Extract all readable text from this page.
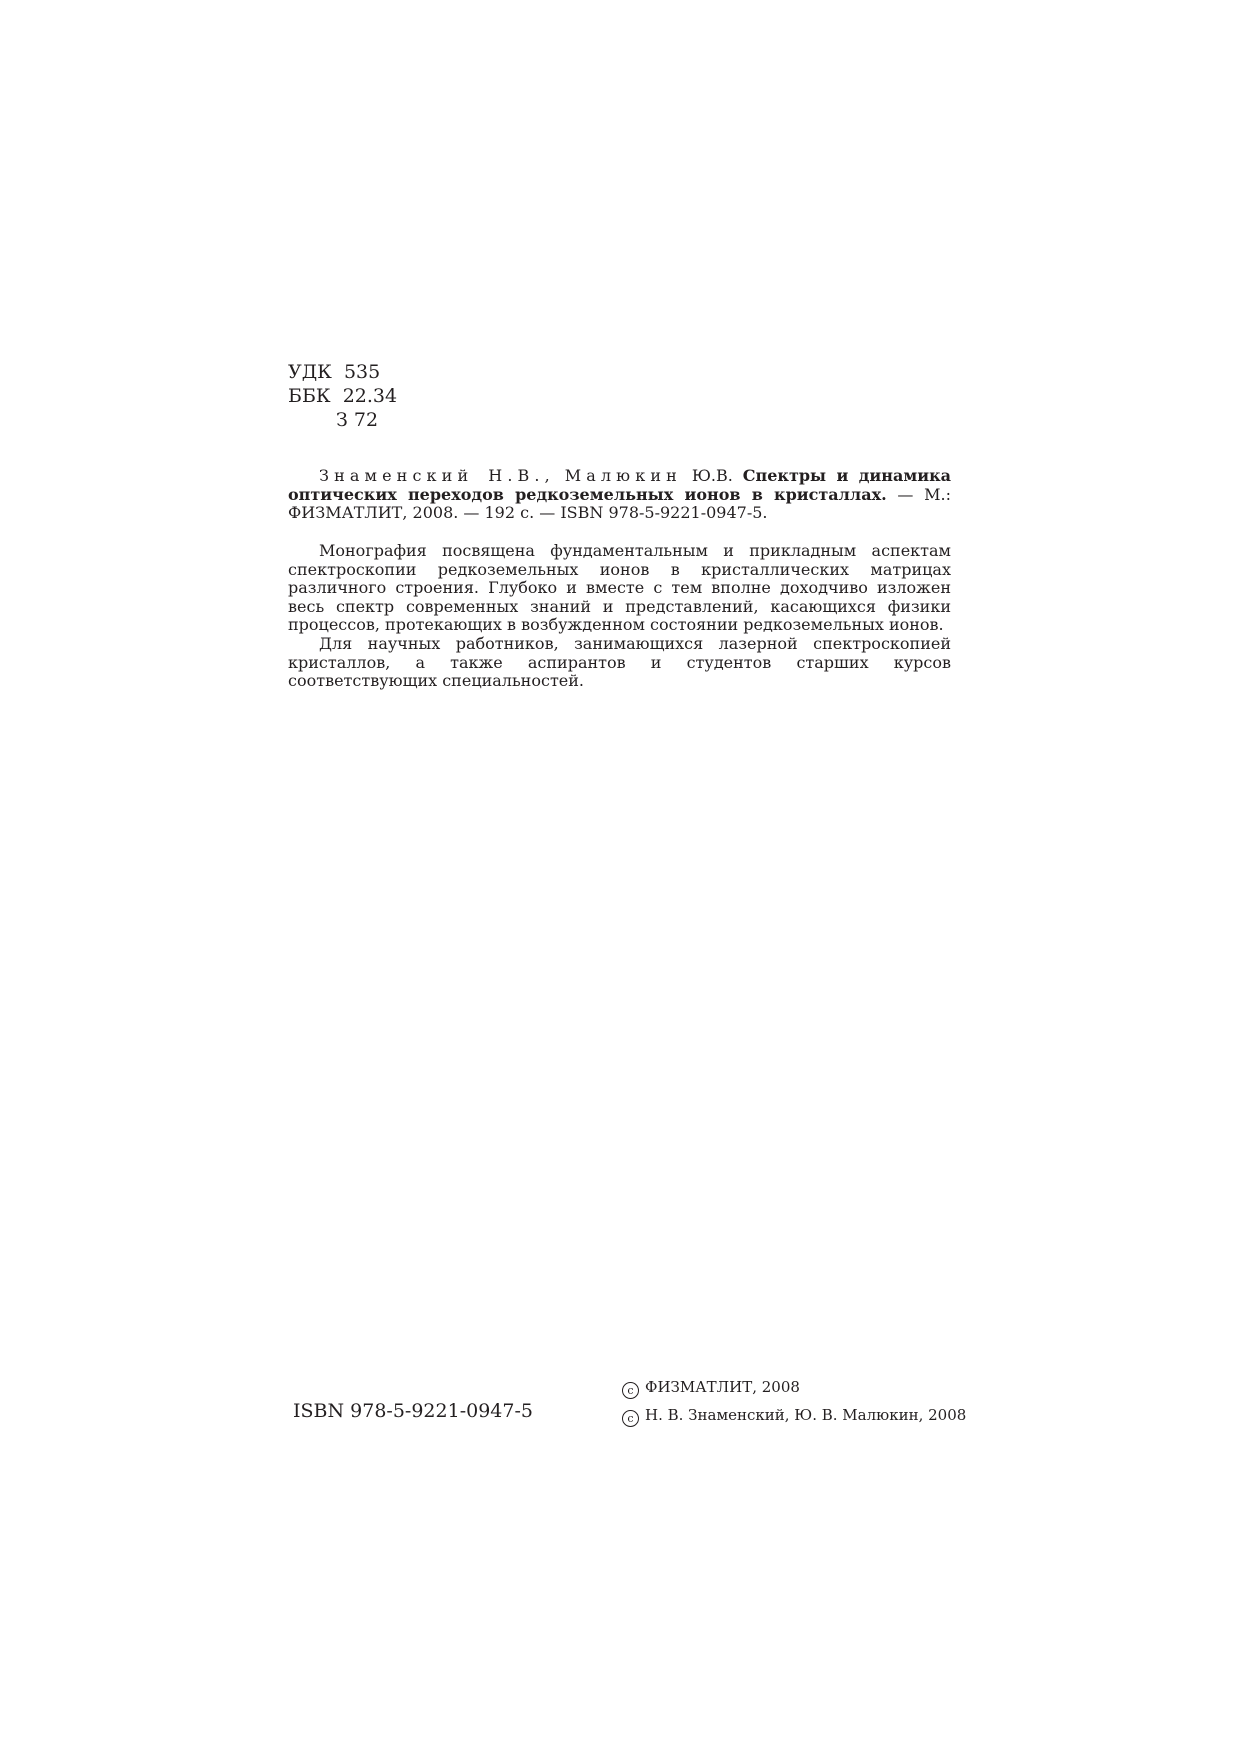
УДК 535
ББК 22.34
З 72

Знаменский Н.В., Малюкин Ю.В. Спектры и динамика оптических переходов редкоземельных ионов в кристаллах. — М.: ФИЗМАТЛИТ, 2008. — 192 с. — ISBN 978-5-9221-0947-5.

Монография посвящена фундаментальным и прикладным аспектам спектроскопии редкоземельных ионов в кристаллических матрицах различного строения. Глубоко и вместе с тем вполне доходчиво изложен весь спектр современных знаний и представлений, касающихся физики процессов, протекающих в возбужденном состоянии редкоземельных ионов.

Для научных работников, занимающихся лазерной спектроскопией кристаллов, а также аспирантов и студентов старших курсов соответствующих специальностей.

ISBN 978-5-9221-0947-5
c ФИЗМАТЛИТ, 2008
c Н. В. Знаменский, Ю. В. Малюкин, 2008
